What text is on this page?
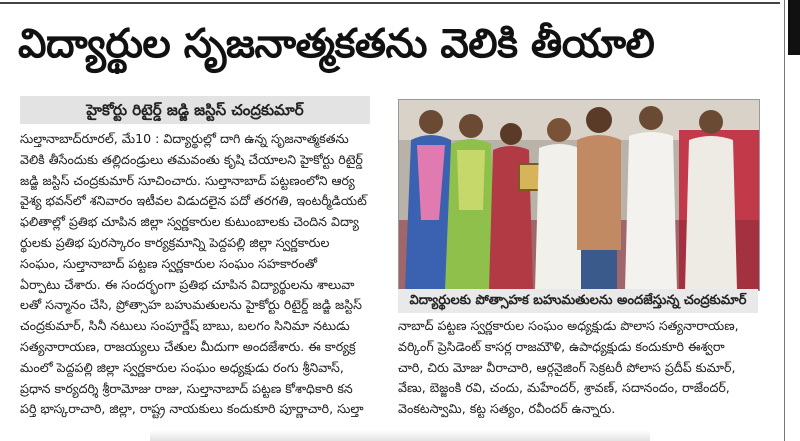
విద్యార్థుల సృజనాత్మకతను వెలికి తీయాలి
హైకోర్టు రిటైర్డ్ జడ్జి జస్టిస్ చంద్రకుమార్
సుల్తానాబాద్‌రూరల్, మే10 : విద్యార్థుల్లో దాగి ఉన్న సృజనాత్మకతను
వెలికి తీసేందుకు తల్లిదండ్రులు తమవంతు కృషి చేయాలని హైకోర్టు రిటైర్డ్
జడ్జి జస్టిస్ చంద్రకుమార్ సూచించారు. సుల్తానాబాద్ పట్టణంలోని ఆర్య
వైశ్య భవన్‌లో శనివారం ఇటీవల విడుదలైన పదో తరగతి, ఇంటర్మీడియట్
ఫలితాల్లో ప్రతిభ చూపిన జిల్లా స్వర్ణకారుల కుటుంబాలకు చెందిన విద్యా
ర్థులకు ప్రతిభ పురస్కారం కార్యక్రమాన్ని పెద్దపల్లి జిల్లా స్వర్ణకారుల
సంఘం, సుల్తానాబాద్ పట్టణ స్వర్ణకారుల సంఘం సహకారంతో
ఏర్పాటు చేశారు. ఈ సందర్భంగా ప్రతిభ చూపిన విద్యార్థులను శాలువా
లతో సన్మానం చేసి, ప్రోత్సాహ బహుమతులను హైకోర్టు రిటైర్డ్ జడ్జి జస్టిస్
చంద్రకుమార్, సినీ నటులు సంపూర్ణేష్ బాబు, బలగం సినిమా నటుడు
సత్యనారాయణ, రాజయ్యలు చేతుల మీదుగా అందజేశారు. ఈ కార్యక్ర
మంలో పెద్దపల్లి జిల్లా స్వర్ణకారుల సంఘం అధ్యక్షుడు రంగు శ్రీనివాస్,
ప్రధాన కార్యదర్శి శ్రీరామోజు రాజు, సుల్తానాబాద్ పట్టణ కోశాధికారి కన
పర్తి భాస్కరాచారి, జిల్లా, రాష్ట్ర నాయకులు కందుకూరి పూర్ణాచారి, సుల్తా
విద్యార్థులకు పోత్సాహక బహుమతులను అందజేస్తున్న చంద్రకుమార్
నాబాద్ పట్టణ స్వర్ణకారుల సంఘం అధ్యక్షుడు పొలాస సత్యనారాయణ,
వర్కింగ్ ప్రెసిడెంట్ కాసర్ల రాజమౌళి, ఉపాధ్యక్షుడు కందుకూరి ఈశ్వరా
చారి, చిరు మోజు వీరాచారి, ఆర్గనైజింగ్ సెక్రటరీ పోలాస ప్రదీప్ కుమార్,
వేణు, బెజ్జంకి రవి, చందు, మహేందర్, శ్రావణ్, సదానందం, రాజేందర్,
వెంకటస్వామి, కట్ట సత్యం, రవీందర్ ఉన్నారు.
